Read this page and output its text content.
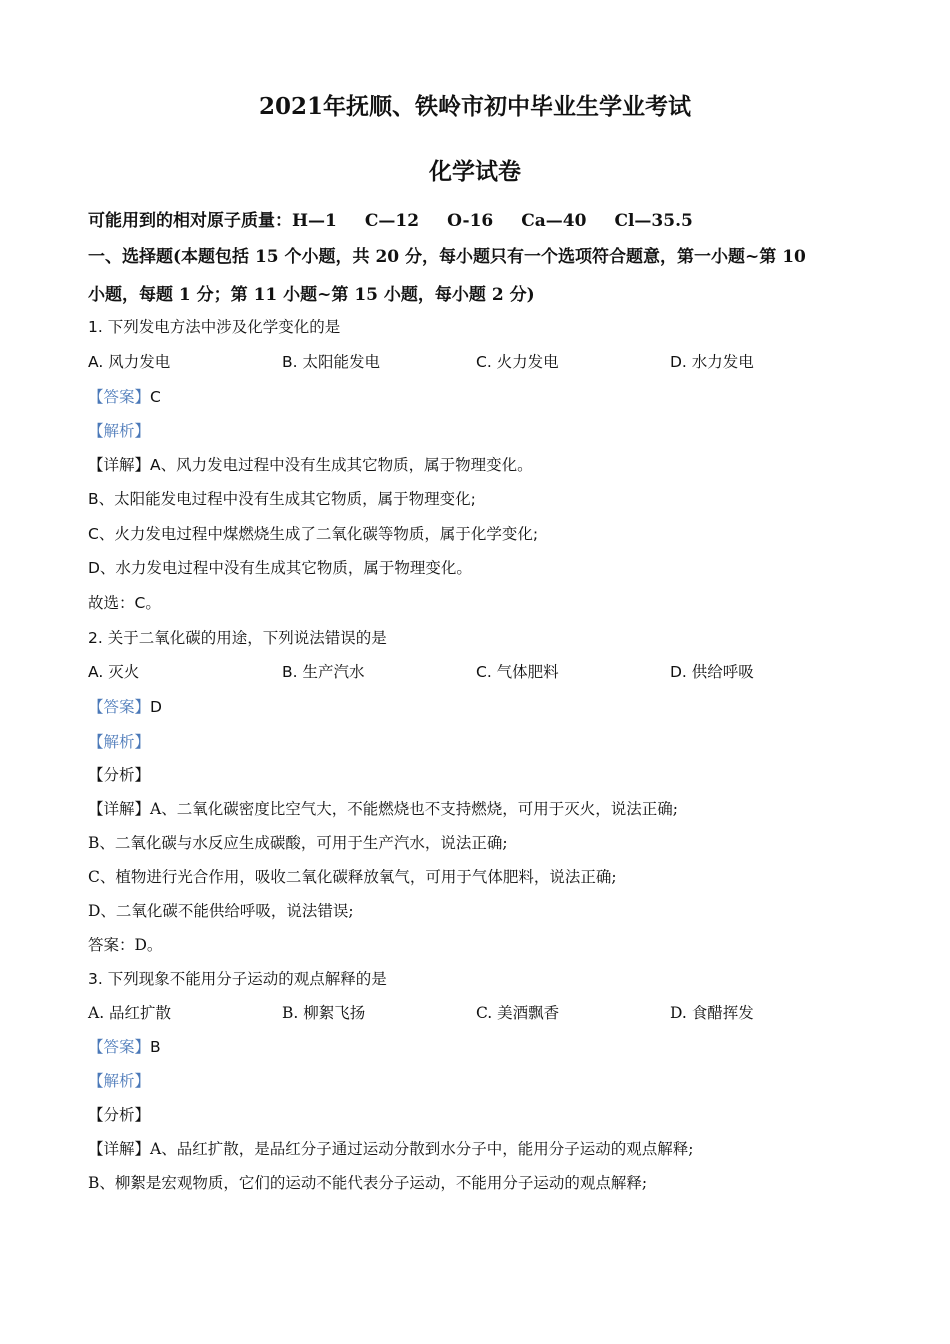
2021年抚顺、铁岭市初中毕业生学业考试
化学试卷

可能用到的相对原子质量：H—1 C—12 O-16 Ca—40 Cl—35.5

一、选择题(本题包括 15 个小题，共 20 分，每小题只有一个选项符合题意，第一小题~第 10

小题，每题 1 分；第 11 小题~第 15 小题，每小题 2 分)

1. 下列发电方法中涉及化学变化的是

A. 风力发电	B. 太阳能发电	C. 火力发电	D. 水力发电

【答案】C

【解析】

【详解】A、风力发电过程中没有生成其它物质，属于物理变化。

B、太阳能发电过程中没有生成其它物质，属于物理变化;

C、火力发电过程中煤燃烧生成了二氧化碳等物质，属于化学变化;

D、水力发电过程中没有生成其它物质，属于物理变化。

故选：C。

2. 关于二氧化碳的用途，下列说法错误的是

A. 灭火	B. 生产汽水	C. 气体肥料	D. 供给呼吸

【答案】D

【解析】

【分析】

【详解】A、二氧化碳密度比空气大，不能燃烧也不支持燃烧，可用于灭火，说法正确;

B、二氧化碳与水反应生成碳酸，可用于生产汽水，说法正确;

C、植物进行光合作用，吸收二氧化碳释放氧气，可用于气体肥料，说法正确;

D、二氧化碳不能供给呼吸，说法错误;

答案：D。

3. 下列现象不能用分子运动的观点解释的是

A. 品红扩散	B. 柳絮飞扬	C. 美酒飘香	D. 食醋挥发

【答案】B

【解析】

【分析】

【详解】A、品红扩散，是品红分子通过运动分散到水分子中，能用分子运动的观点解释;

B、柳絮是宏观物质，它们的运动不能代表分子运动，不能用分子运动的观点解释;
